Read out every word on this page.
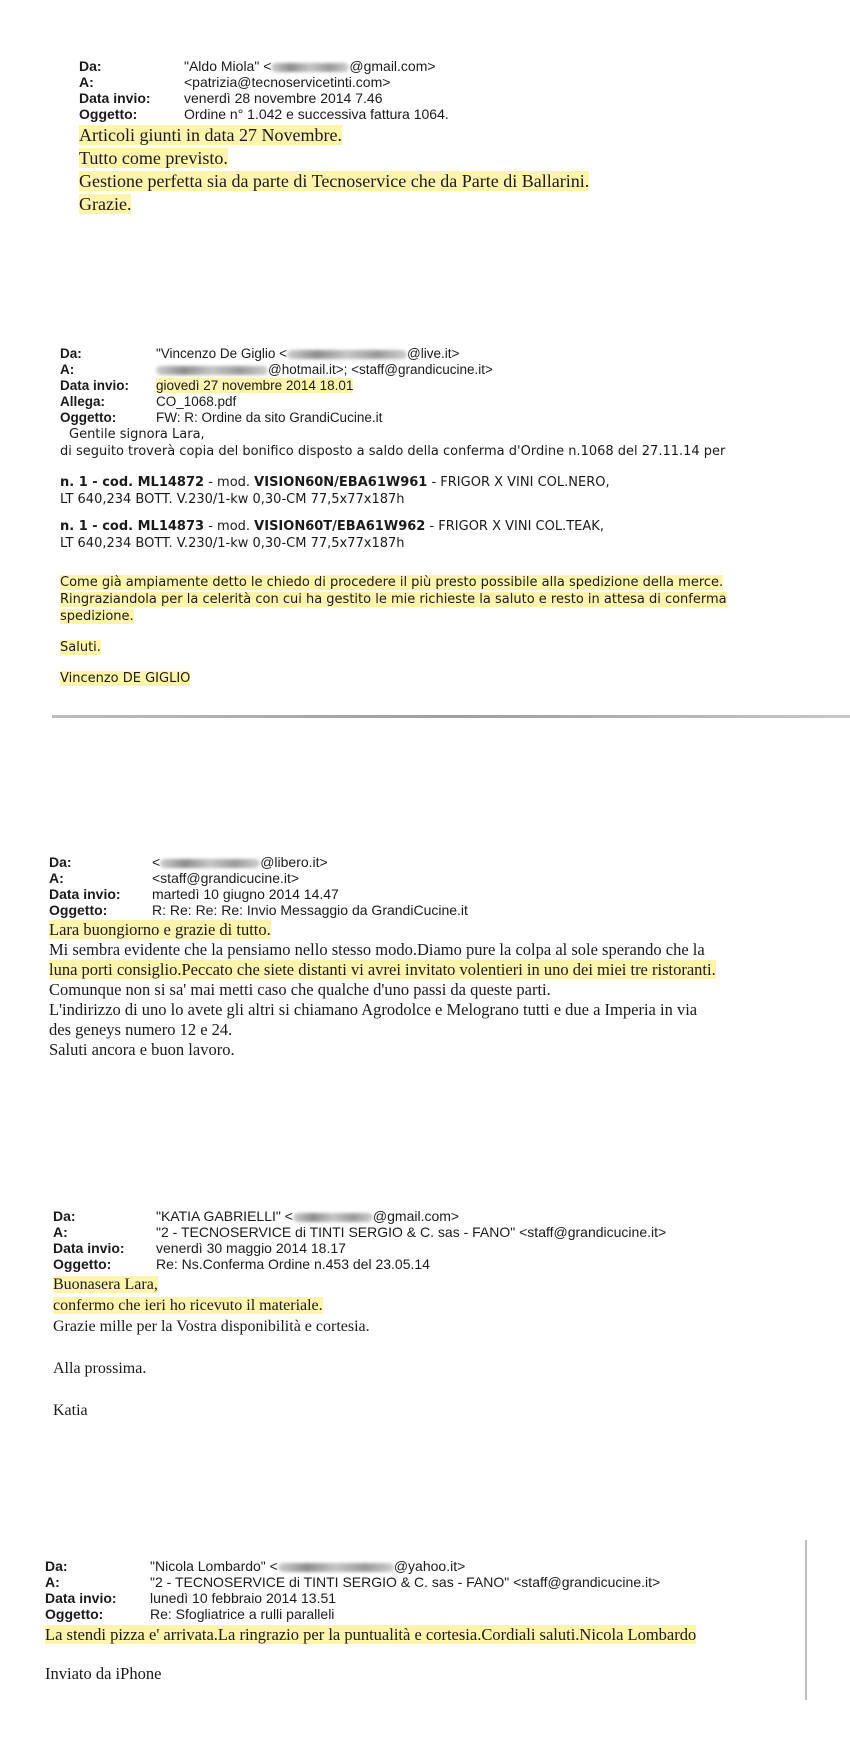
Da:	"Aldo Miola" <	@gmail.com>
A:	<patrizia@tecnoservicetinti.com>
Data invio:	venerdì 28 novembre 2014 7.46
Oggetto:	Ordine n° 1.042 e successiva fattura 1064.
Articoli giunti in data 27 Novembre.
Tutto come previsto.
Gestione perfetta sia da parte di Tecnoservice che da Parte di Ballarini.
Grazie.
Da:	"Vincenzo De Giglio <	@live.it>
A:	@hotmail.it>; <staff@grandicucine.it>
Data invio:	giovedì 27 novembre 2014 18.01
Allega:	CO_1068.pdf
Oggetto:	FW: R: Ordine da sito GrandiCucine.it
Gentile signora Lara,
di seguito troverà copia del bonifico disposto a saldo della conferma d'Ordine n.1068 del 27.11.14 per
n. 1 - cod. ML14872 - mod. VISION60N/EBA61W961 - FRIGOR X VINI COL.NERO,
LT 640,234 BOTT. V.230/1-kw 0,30-CM 77,5x77x187h
n. 1 - cod. ML14873 - mod. VISION60T/EBA61W962 - FRIGOR X VINI COL.TEAK,
LT 640,234 BOTT. V.230/1-kw 0,30-CM 77,5x77x187h
Come già ampiamente detto le chiedo di procedere il più presto possibile alla spedizione della merce.
Ringraziandola per la celerità con cui ha gestito le mie richieste la saluto e resto in attesa di conferma
spedizione.
Saluti.
Vincenzo DE GIGLIO
Da:	<	@libero.it>
A:	<staff@grandicucine.it>
Data invio:	martedì 10 giugno 2014 14.47
Oggetto:	R: Re: Re: Re: Invio Messaggio da GrandiCucine.it
Lara buongiorno e grazie di tutto.
Mi sembra evidente che la pensiamo nello stesso modo.Diamo pure la colpa al sole sperando che la
luna porti consiglio.Peccato che siete distanti vi avrei invitato volentieri in uno dei miei tre ristoranti.
Comunque non si sa' mai metti caso che qualche d'uno passi da queste parti.
L'indirizzo di uno lo avete gli altri si chiamano Agrodolce e Melograno tutti e due a Imperia in via
des geneys numero 12 e 24.
Saluti ancora e buon lavoro.
Da:	"KATIA GABRIELLI" <	@gmail.com>
A:	"2 - TECNOSERVICE di TINTI SERGIO & C. sas - FANO" <staff@grandicucine.it>
Data invio:	venerdì 30 maggio 2014 18.17
Oggetto:	Re: Ns.Conferma Ordine n.453 del 23.05.14
Buonasera Lara,
confermo che ieri ho ricevuto il materiale.
Grazie mille per la Vostra disponibilità e cortesia.
Alla prossima.
Katia
Da:	"Nicola Lombardo" <	@yahoo.it>
A:	"2 - TECNOSERVICE di TINTI SERGIO & C. sas - FANO" <staff@grandicucine.it>
Data invio:	lunedì 10 febbraio 2014 13.51
Oggetto:	Re: Sfogliatrice a rulli paralleli
La stendi pizza e' arrivata.La ringrazio per la puntualità e cortesia.Cordiali saluti.Nicola Lombardo
Inviato da iPhone
